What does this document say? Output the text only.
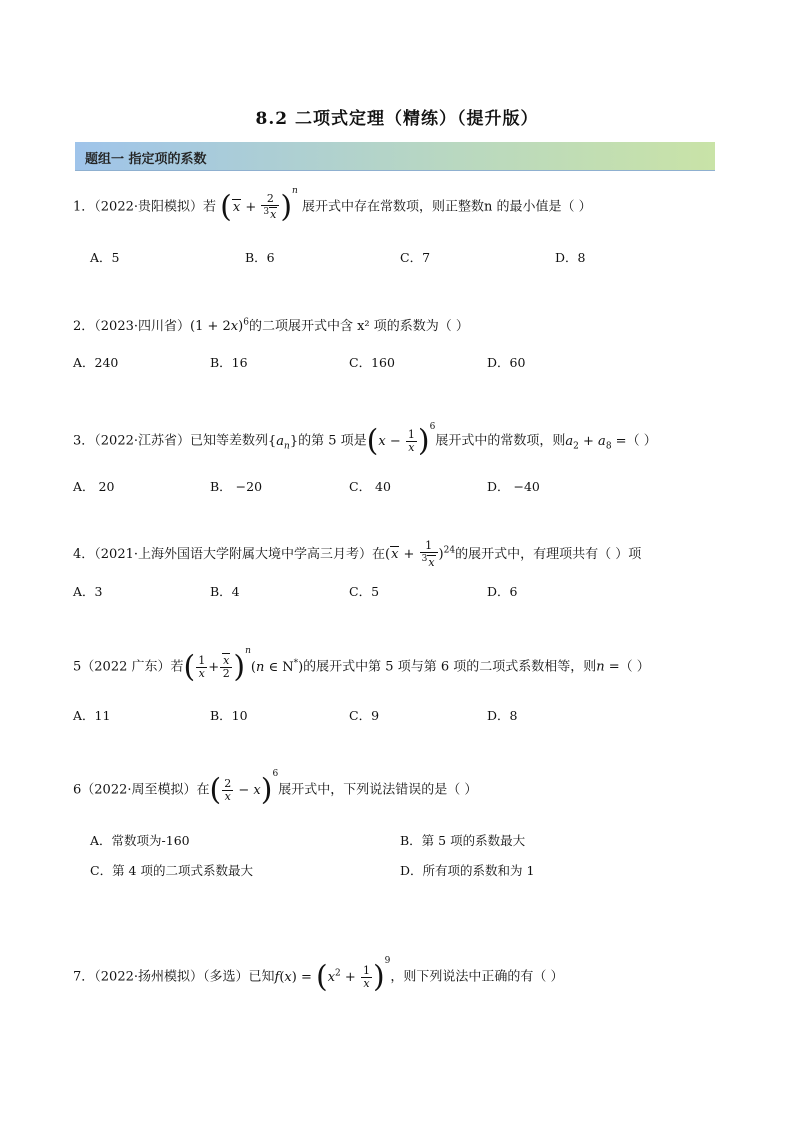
8.2 二项式定理（精练）（提升版）
题组一 指定项的系数
1．（2022·贵阳模拟）若 $(x + \frac{2}{^3x} )^n$ 展开式中存在常数项，则正整数n 的最小值是（ ）
A．5	B．6	C．7	D．8
2．（2023·四川省）$(1 + 2x)^6$的二项展开式中含 x² 项的系数为（ ）
A．240	B．16	C．160	D．60
3．（2022·江苏省）已知等差数列$\{a_n\}$的第 5 项是$(x - \frac{1}{x} )^6$展开式中的常数项，则$a_2 + a_8$ =（ ）
A． 20	B． −20	C． 40	D． −40
4．（2021·上海外国语大学附属大境中学高三月考）在$(x + \frac{1}{^3x} )^{24}$的展开式中，有理项共有（ ）项
A．3	B．4	C．5	D．6
5（2022 广东）若( $\frac{1}{x} + \frac{x}{2} )^n(n$ ∈ N*)的展开式中第 5 项与第 6 项的二项式系数相等，则n =（ ）
A．11	B．10	C．9	D．8
6（2022·周至模拟）在( $\frac{2}{x} - x)^6$展开式中，下列说法错误的是（ ）
A．常数项为-160	B．第 5 项的系数最大
C．第 4 项的二项式系数最大	D．所有项的系数和为 1
7．（2022·扬州模拟）（多选）已知$f(x) = (x^2 + \frac{1}{x} )^9$，则下列说法中正确的有（ ）
